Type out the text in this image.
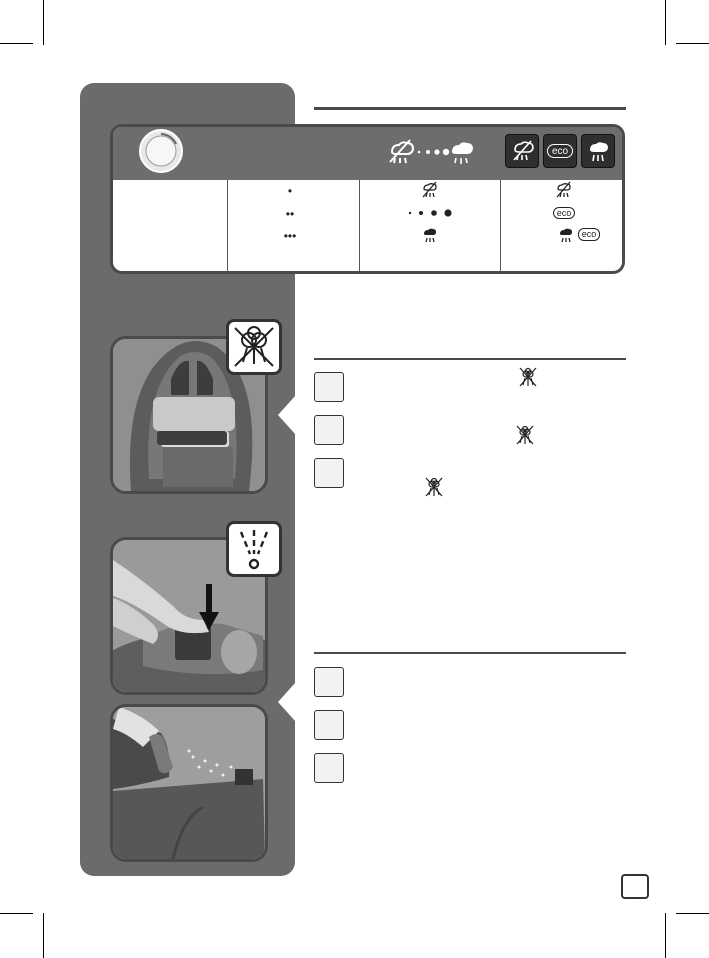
eco
•
••
•••
eco
eco
